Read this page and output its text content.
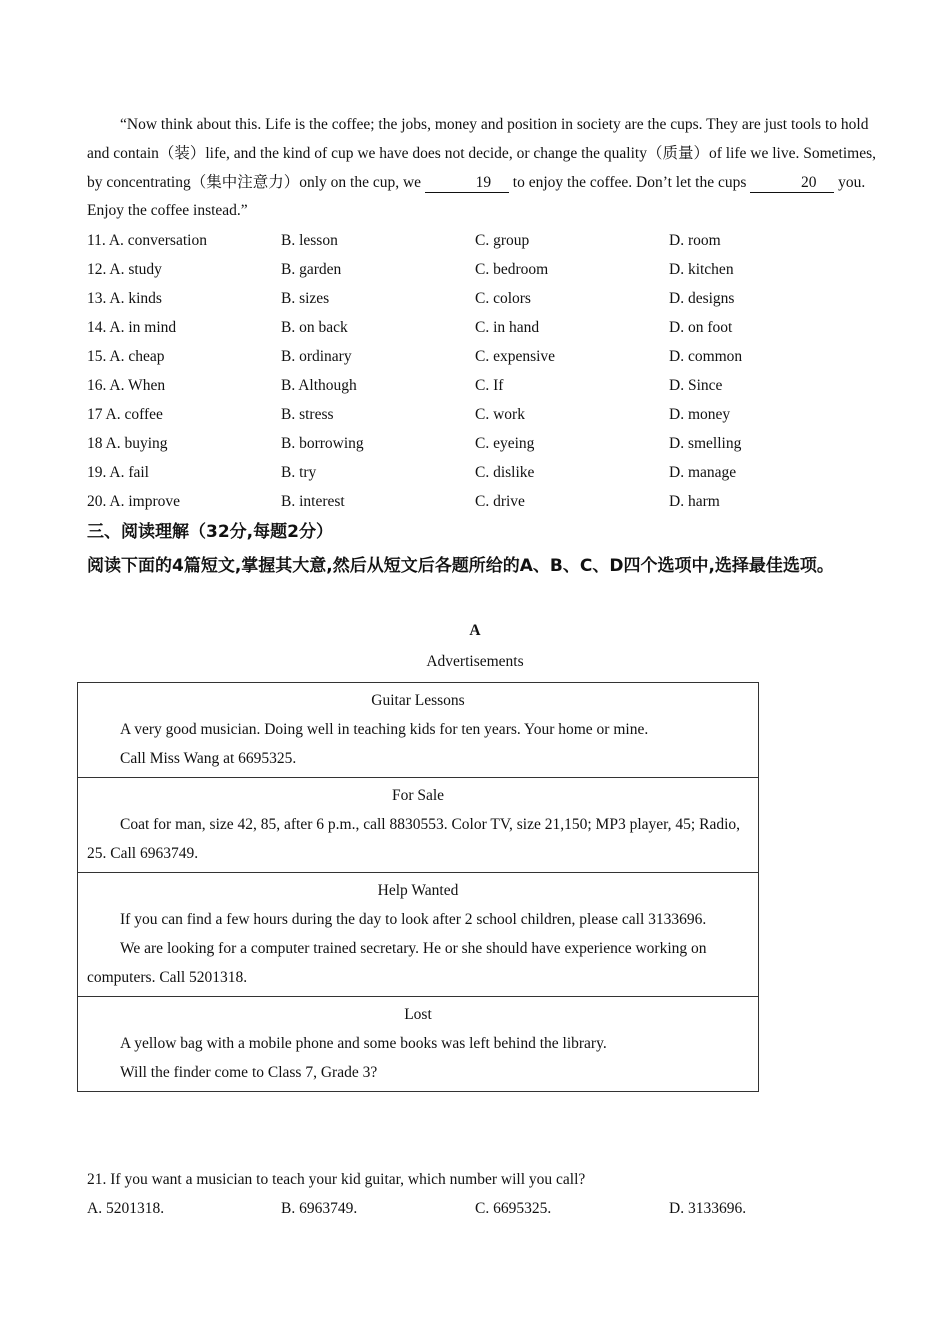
“Now think about this. Life is the coffee; the jobs, money and position in society are the cups. They are just tools to hold and contain（装）life, and the kind of cup we have does not decide, or change the quality（质量）of life we live. Sometimes, by concentrating（集中注意力）only on the cup, we	19 to enjoy the coffee. Don’t let the cups	20 you. Enjoy the coffee instead.”

11. A. conversation	B. lesson	C. group	D. room
12. A. study	B. garden	C. bedroom	D. kitchen
13. A. kinds	B. sizes	C. colors	D. designs
14. A. in mind	B. on back	C. in hand	D. on foot
15. A. cheap	B. ordinary	C. expensive	D. common
16. A. When	B. Although	C. If	D. Since
17 A. coffee	B. stress	C. work	D. money
18 A. buying	B. borrowing	C. eyeing	D. smelling
19. A. fail	B. try	C. dislike	D. manage
20. A. improve	B. interest	C. drive	D. harm
三、阅读理解（32分,每题2分）
阅读下面的4篇短文,掌握其大意,然后从短文后各题所给的A、B、C、D四个选项中,选择最佳选项。
A
Advertisements
Guitar Lessons

A very good musician. Doing well in teaching kids for ten years. Your home or mine.

Call Miss Wang at 6695325.

For Sale

Coat for man, size 42, 85, after 6 p.m., call 8830553. Color TV, size 21,150; MP3 player, 45; Radio, 25. Call 6963749.

Help Wanted

If you can find a few hours during the day to look after 2 school children, please call 3133696.

We are looking for a computer trained secretary. He or she should have experience working on computers. Call 5201318.

Lost

A yellow bag with a mobile phone and some books was left behind the library.

Will the finder come to Class 7, Grade 3?

21. If you want a musician to teach your kid guitar, which number will you call?
A. 5201318.	B. 6963749.	C. 6695325.	D. 3133696.
